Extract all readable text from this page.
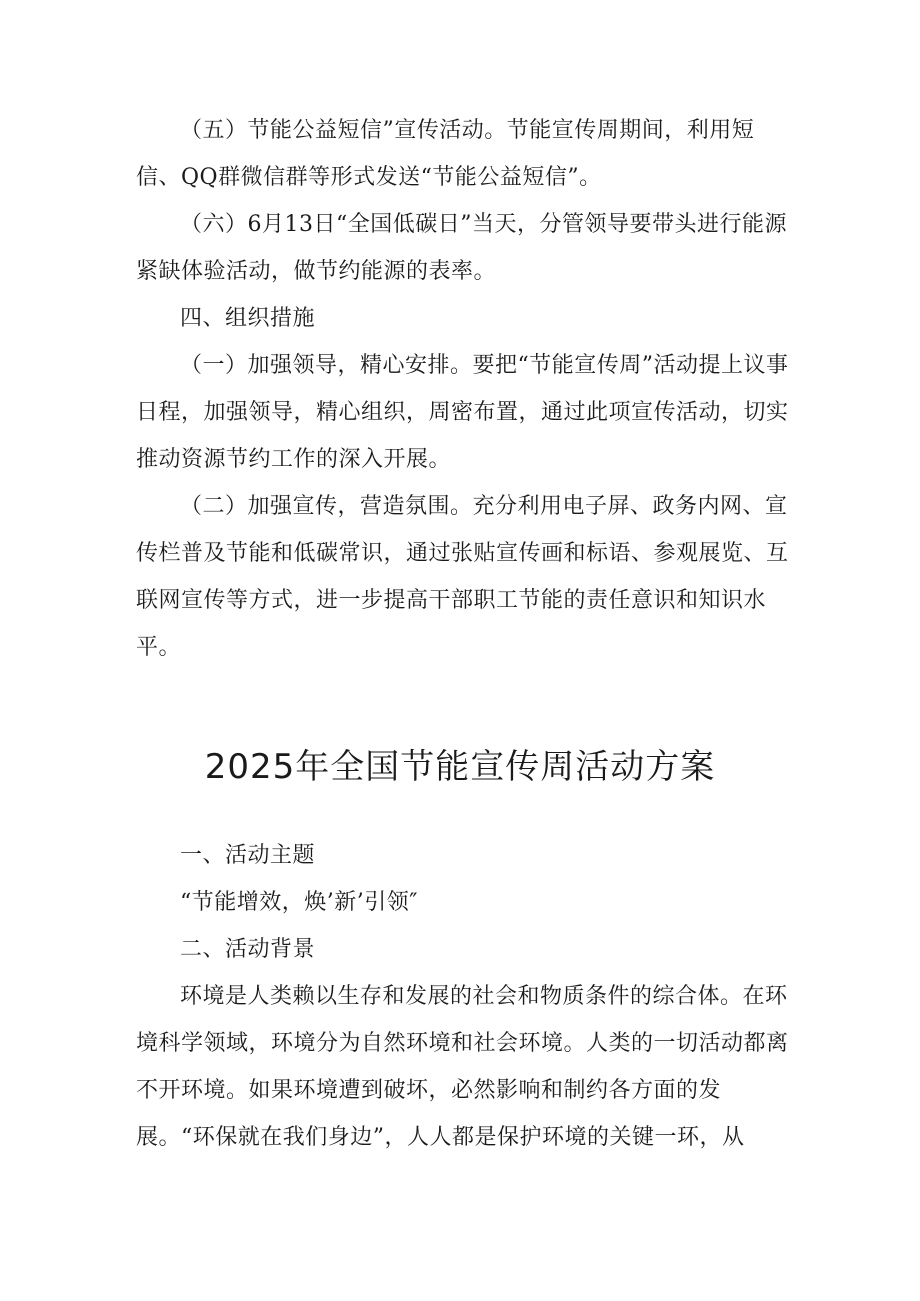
（五）节能公益短信”宣传活动。节能宣传周期间，利用短信、QQ群微信群等形式发送“节能公益短信”。

（六）6月13日“全国低碳日”当天，分管领导要带头进行能源紧缺体验活动，做节约能源的表率。

四、组织措施

（一）加强领导，精心安排。要把“节能宣传周”活动提上议事日程，加强领导，精心组织，周密布置，通过此项宣传活动，切实推动资源节约工作的深入开展。

（二）加强宣传，营造氛围。充分利用电子屏、政务内网、宣传栏普及节能和低碳常识，通过张贴宣传画和标语、参观展览、互联网宣传等方式，进一步提高干部职工节能的责任意识和知识水平。

2025年全国节能宣传周活动方案

一、活动主题

“节能增效，焕’新’引领″

二、活动背景

环境是人类赖以生存和发展的社会和物质条件的综合体。在环境科学领域，环境分为自然环境和社会环境。人类的一切活动都离不开环境。如果环境遭到破坏，必然影响和制约各方面的发展。“环保就在我们身边”，人人都是保护环境的关键一环，从
